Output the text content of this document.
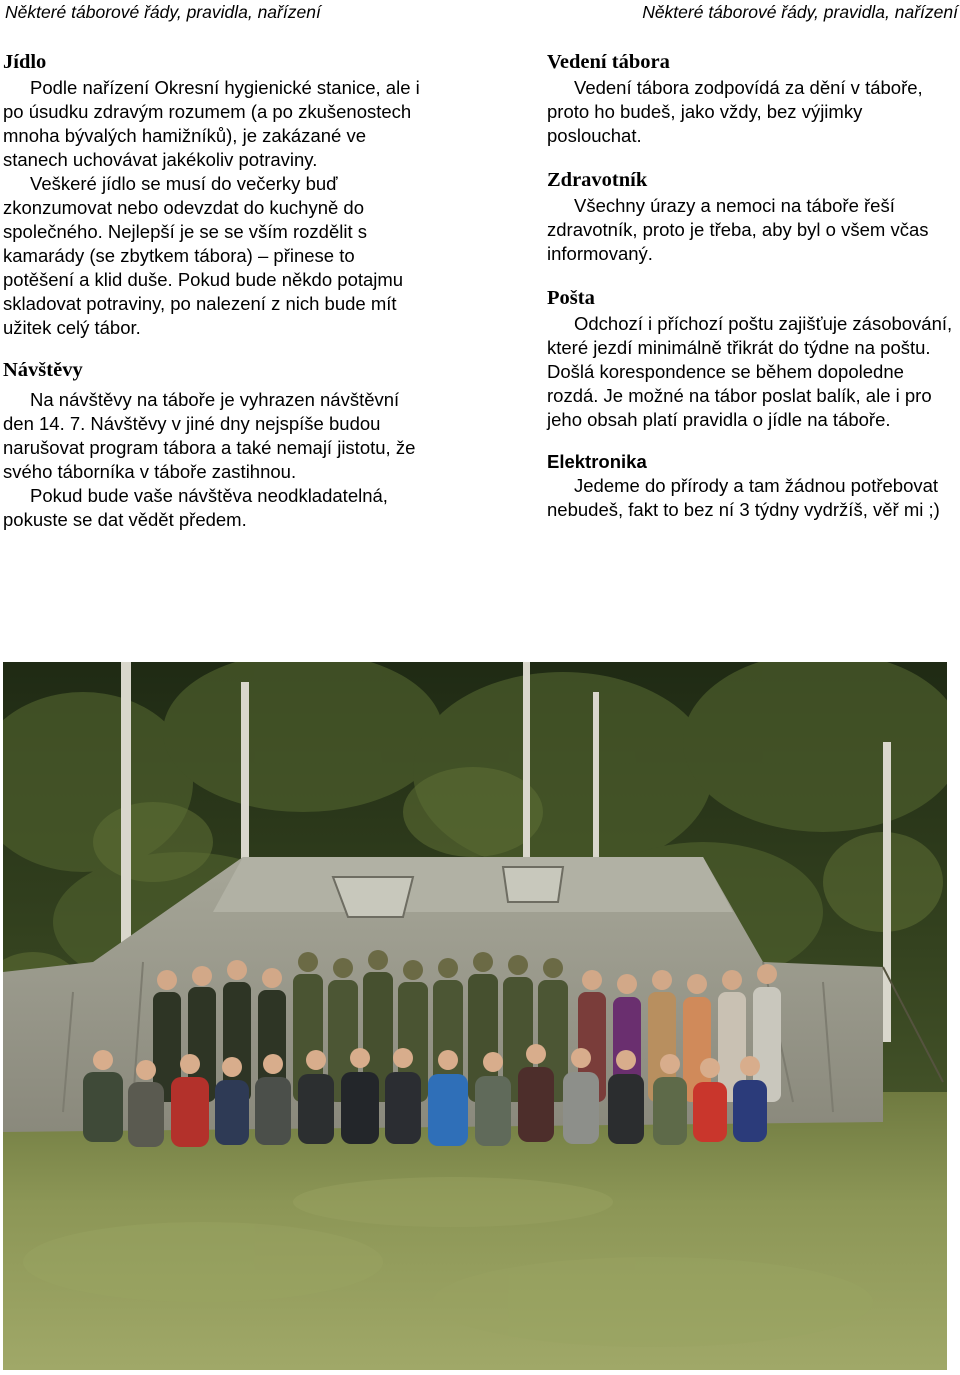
Některé táborové řády, pravidla, nařízení	Některé táborové řády, pravidla, nařízení
Jídlo

Podle nařízení Okresní hygienické stanice, ale i po úsudku zdravým rozumem (a po zkušenostech mnoha bývalých hamižníků), je zakázané ve stanech uchovávat jakékoliv potraviny.

Veškeré jídlo se musí do večerky buď zkonzumovat nebo odevzdat do kuchyně do společného. Nejlepší je se se vším rozdělit s kamarády (se zbytkem tábora) – přinese to potěšení a klid duše. Pokud bude někdo potajmu skladovat potraviny, po nalezení z nich bude mít užitek celý tábor.

Návštěvy

Na návštěvy na táboře je vyhrazen návštěvní den 14. 7. Návštěvy v jiné dny nejspíše budou narušovat program tábora a také nemají jistotu, že svého táborníka v táboře zastihnou.

Pokud bude vaše návštěva neodkladatelná, pokuste se dat vědět předem.

Vedení tábora

Vedení tábora zodpovídá za dění v táboře, proto ho budeš, jako vždy, bez výjimky poslouchat.

Zdravotník

Všechny úrazy a nemoci na táboře řeší zdravotník, proto je třeba, aby byl o všem včas informovaný.

Pošta

Odchozí i příchozí poštu zajišťuje zásobování, které jezdí minimálně třikrát do týdne na poštu. Došlá korespondence se během dopoledne rozdá. Je možné na tábor poslat balík, ale i pro jeho obsah platí pravidla o jídle na táboře.

Elektronika

Jedeme do přírody a tam žádnou potřebovat nebudeš, fakt to bez ní 3 týdny vydržíš, věř mi ;)
